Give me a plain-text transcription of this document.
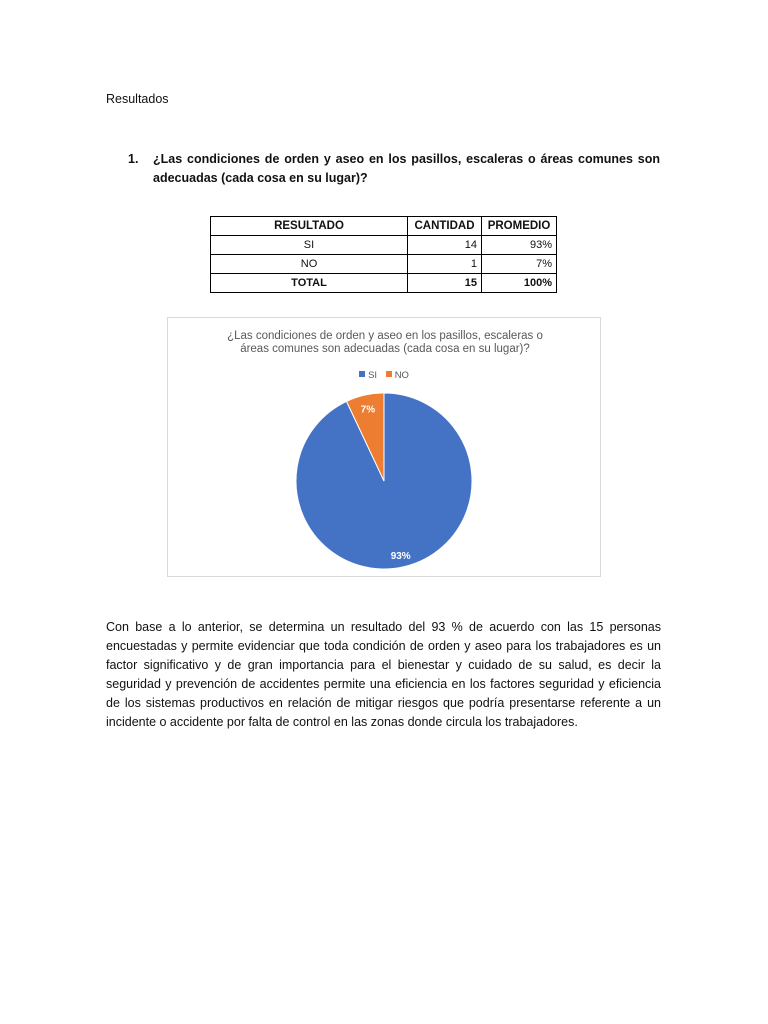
Resultados
1. ¿Las condiciones de orden y aseo en los pasillos, escaleras o áreas comunes son adecuadas (cada cosa en su lugar)?
RESULTADO	CANTIDAD	PROMEDIO
SI	14	93%
NO	1	7%
TOTAL	15	100%
¿Las condiciones de orden y aseo en los pasillos, escaleras o
áreas comunes son adecuadas (cada cosa en su lugar)?
SI NO
93%
7%
Con base a lo anterior, se determina un resultado del 93 % de acuerdo con las 15 personas encuestadas y permite evidenciar que toda condición de orden y aseo para los trabajadores es un factor significativo y de gran importancia para el bienestar y cuidado de su salud, es decir la seguridad y prevención de accidentes permite una eficiencia en los factores seguridad y eficiencia de los sistemas productivos en relación de mitigar riesgos que podría presentarse referente a un incidente o accidente por falta de control en las zonas donde circula los trabajadores.
